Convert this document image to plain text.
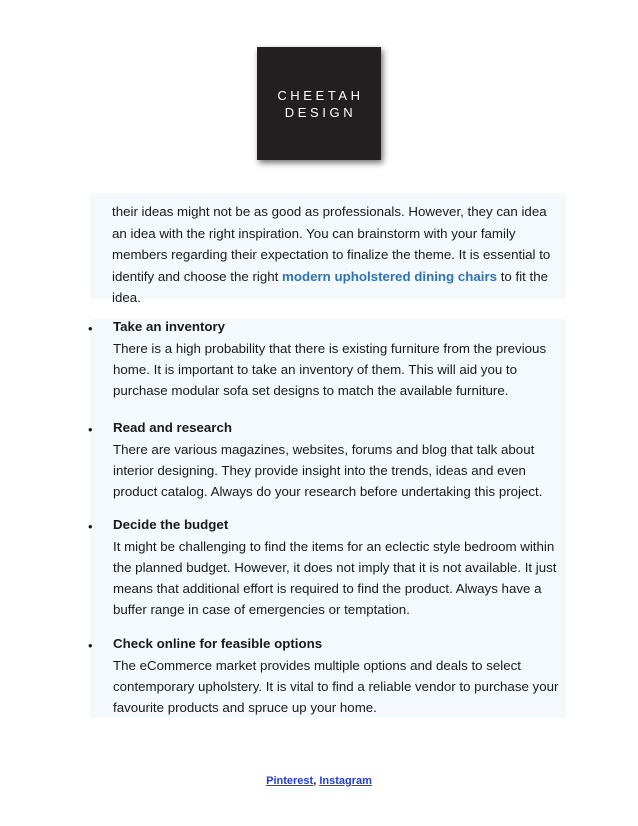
CHEETAH
DESIGN
their ideas might not be as good as professionals. However, they can idea an idea with the right inspiration. You can brainstorm with your family members regarding their expectation to finalize the theme. It is essential to identify and choose the right modern upholstered dining chairs to fit the idea.
•	Take an inventory
There is a high probability that there is existing furniture from the previous home. It is important to take an inventory of them. This will aid you to purchase modular sofa set designs to match the available furniture.
•	Read and research
There are various magazines, websites, forums and blog that talk about interior designing. They provide insight into the trends, ideas and even product catalog. Always do your research before undertaking this project.
•	Decide the budget
It might be challenging to find the items for an eclectic style bedroom within the planned budget. However, it does not imply that it is not available. It just means that additional effort is required to find the product. Always have a buffer range in case of emergencies or temptation.
•	Check online for feasible options
The eCommerce market provides multiple options and deals to select contemporary upholstery. It is vital to find a reliable vendor to purchase your favourite products and spruce up your home.
Pinterest, Instagram
